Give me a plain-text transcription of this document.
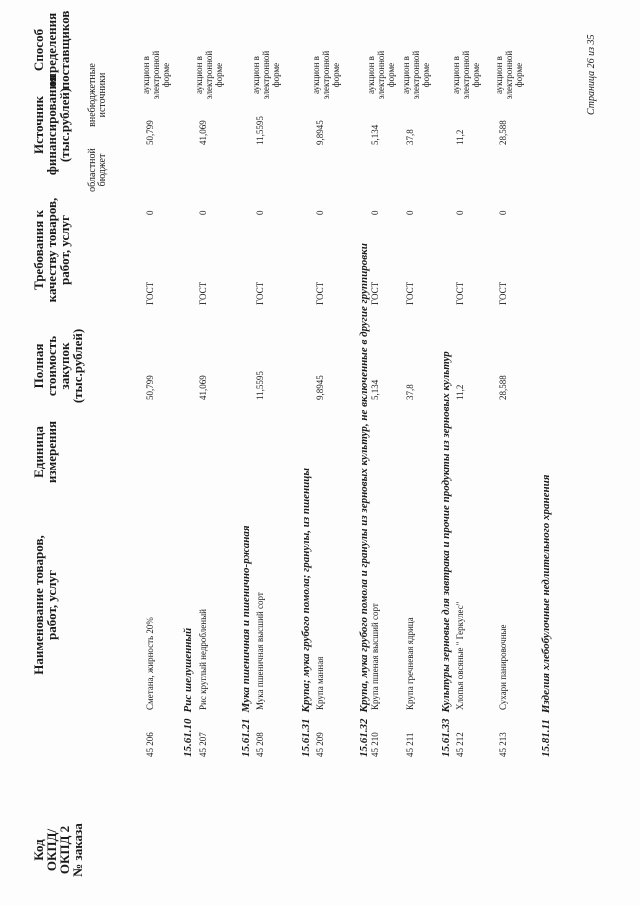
Код ОКПД/ ОКПД 2 № заказа
Наименование товаров, работ, услуг
Единица измерения
Полная стоимость закупок (тыс.рублей)
Требования к качеству товаров, работ, услуг
Источник финансирования (тыс.рублей)
областной бюджет
внебюджетные источники
Способ определения поставщиков
45 206
Сметана, жирность 20%
50,799
ГОСТ
0
50,799
аукцион в электронной форме
15.61.10Рис шелушенный
45 207
Рис круглый недробленый
41,069
ГОСТ
0
41,069
аукцион в электронной форме
15.61.21Мука пшеничная и пшенично-ржаная
45 208
Мука пшеничная высший сорт
11,5595
ГОСТ
0
11,5595
аукцион в электронной форме
15.61.31Крупа; мука грубого помола; гранулы, из пшеницы
45 209
Крупа манная
9,8945
ГОСТ
0
9,8945
аукцион в электронной форме
15.61.32Крупа, мука грубого помола и гранулы из зерновых культур, не включенные в другие группировки
45 210
Крупа пшеная высший сорт
5,134
ГОСТ
0
5,134
аукцион в электронной форме
45 211
Крупа гречневая ядрица
37,8
ГОСТ
0
37,8
аукцион в электронной форме
15.61.33Культуры зерновые для завтрака и прочие продукты из зерновых культур
45 212
Хлопья овсяные " Геркулес"
11,2
ГОСТ
0
11,2
аукцион в электронной форме
45 213
Сухари панировочные
28,588
ГОСТ
0
28,588
аукцион в электронной форме
15.81.11Изделия хлебобулочные недлительного хранения
Страница 26 из 35
